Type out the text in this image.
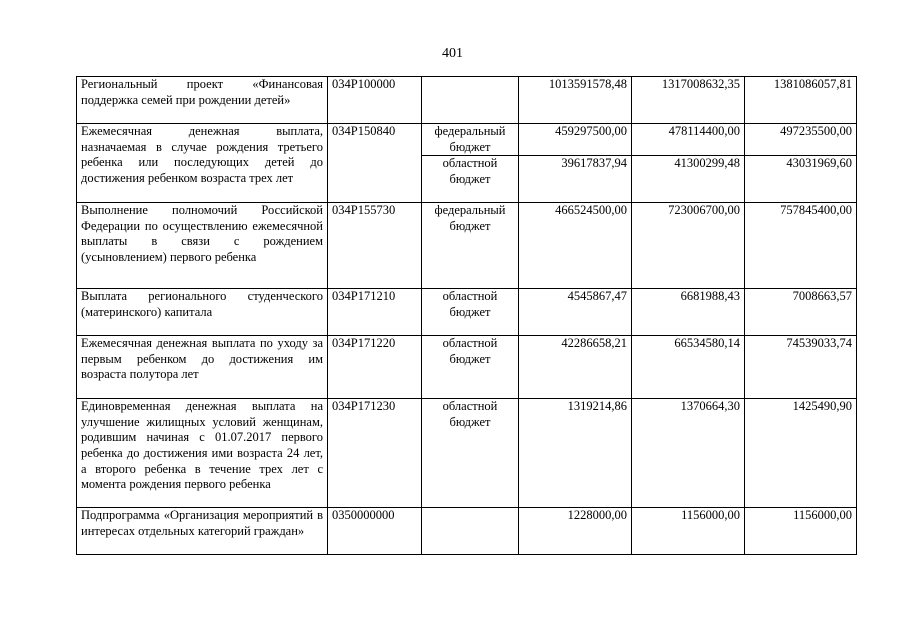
401
Региональный проект «Финансовая поддержка семей при рождении детей»	034P100000		1013591578,48	1317008632,35	1381086057,81
Ежемесячная денежная выплата, назначаемая в случае рождения третьего ребенка или последующих детей до достижения ребенком возраста трех лет	034P150840	федеральный бюджет	459297500,00	478114400,00	497235500,00
		областной бюджет	39617837,94	41300299,48	43031969,60
Выполнение полномочий Российской Федерации по осуществлению ежемесячной выплаты в связи с рождением (усыновлением) первого ребенка	034P155730	федеральный бюджет	466524500,00	723006700,00	757845400,00
Выплата регионального студенческого (материнского) капитала	034P171210	областной бюджет	4545867,47	6681988,43	7008663,57
Ежемесячная денежная выплата по уходу за первым ребенком до достижения им возраста полутора лет	034P171220	областной бюджет	42286658,21	66534580,14	74539033,74
Единовременная денежная выплата на улучшение жилищных условий женщинам, родившим начиная с 01.07.2017 первого ребенка до достижения ими возраста 24 лет, а второго ребенка в течение трех лет с момента рождения первого ребенка	034P171230	областной бюджет	1319214,86	1370664,30	1425490,90
Подпрограмма «Организация мероприятий в интересах отдельных категорий граждан»	0350000000		1228000,00	1156000,00	1156000,00
